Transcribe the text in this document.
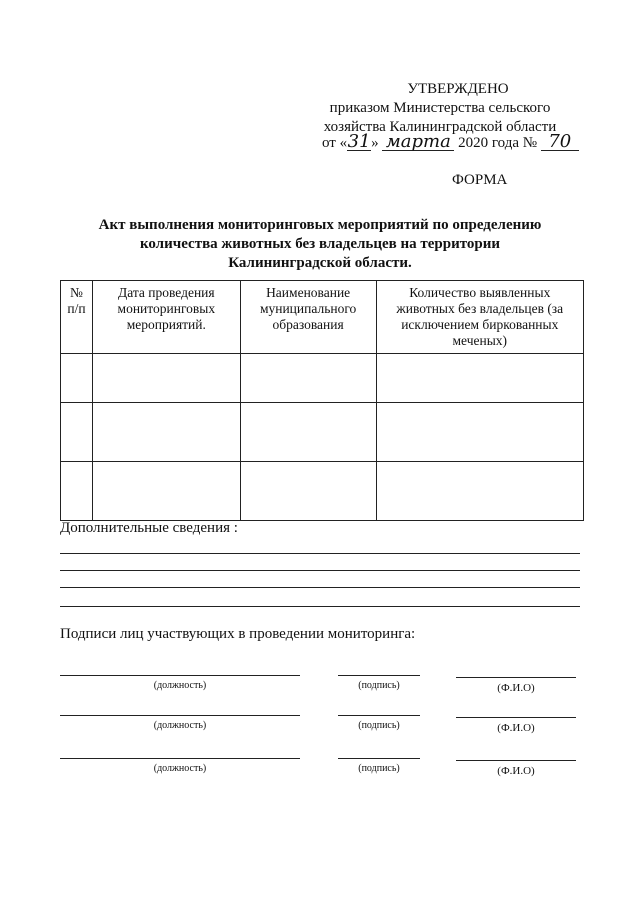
УТВЕРЖДЕНО
приказом Министерства сельского
хозяйства Калининградской области
от «31» марта 2020 года № 70
ФОРМА
Акт выполнения мониторинговых мероприятий по определению
количества животных без владельцев на территории
Калининградской области.
№ п/п	Дата проведения мониторинговых мероприятий.	Наименование муниципального образования	Количество выявленных животных без владельцев (за исключением биркованных меченых)

Дополнительные сведения :
Подписи лиц участвующих в проведении мониторинга:
(должность)	(подпись)	(Ф.И.О)
(должность)	(подпись)	(Ф.И.О)
(должность)	(подпись)	(Ф.И.О)
